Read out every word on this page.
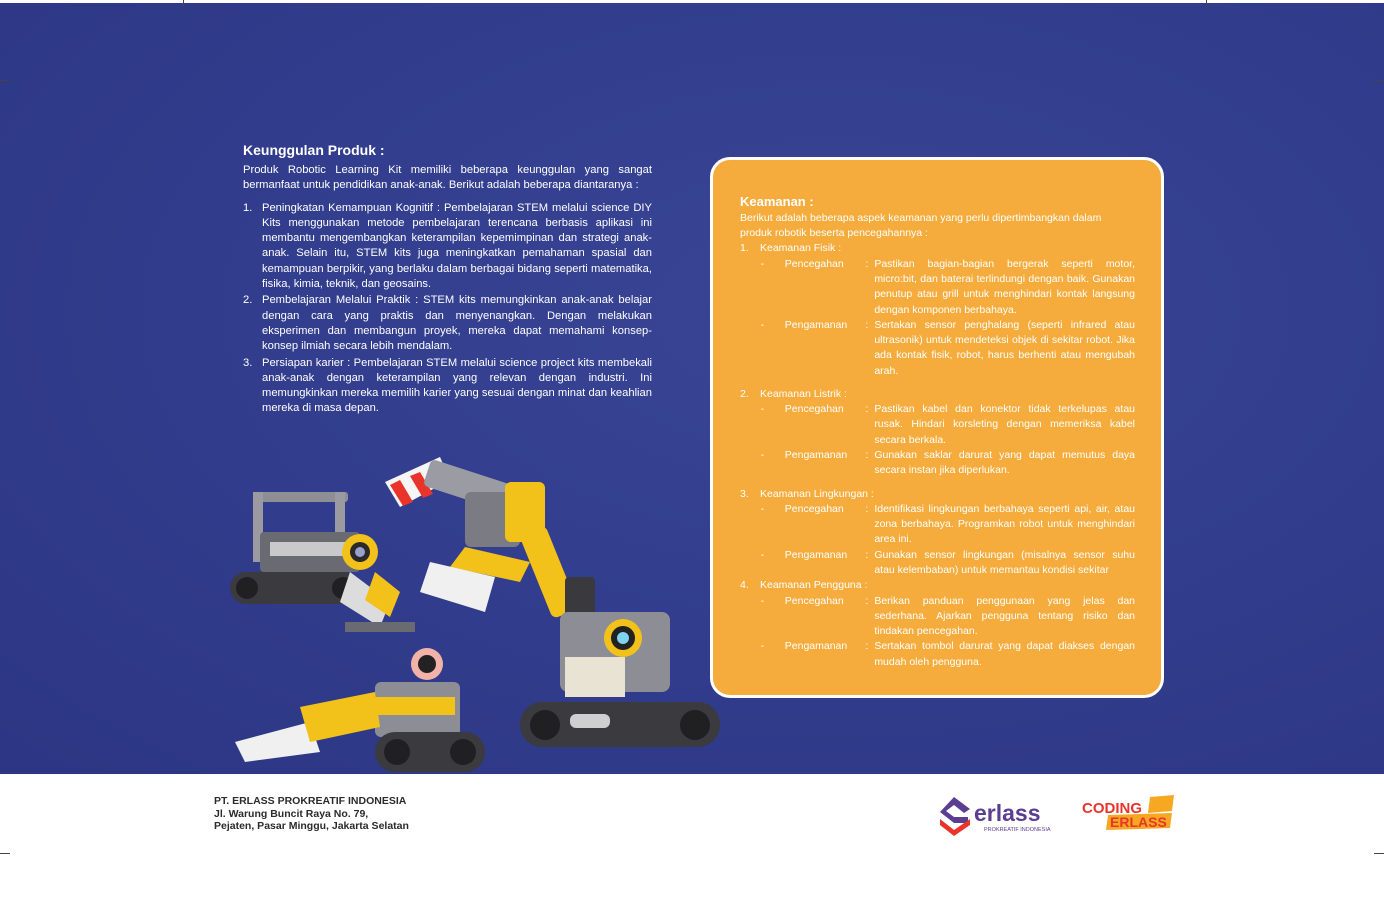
Keunggulan Produk :
Produk Robotic Learning Kit memiliki beberapa keunggulan yang sangat bermanfaat untuk pendidikan anak-anak. Berikut adalah beberapa diantaranya :
1. Peningkatan Kemampuan Kognitif : Pembelajaran STEM melalui science DIY Kits menggunakan metode pembelajaran terencana berbasis aplikasi ini membantu mengembangkan keterampilan kepemimpinan dan strategi anak-anak. Selain itu, STEM kits juga meningkatkan pemahaman spasial dan kemampuan berpikir, yang berlaku dalam berbagai bidang seperti matematika, fisika, kimia, teknik, dan geosains.
2. Pembelajaran Melalui Praktik : STEM kits memungkinkan anak-anak belajar dengan cara yang praktis dan menyenangkan. Dengan melakukan eksperimen dan membangun proyek, mereka dapat memahami konsep-konsep ilmiah secara lebih mendalam.
3. Persiapan karier : Pembelajaran STEM melalui science project kits membekali anak-anak dengan keterampilan yang relevan dengan industri. Ini memungkinkan mereka memilih karier yang sesuai dengan minat dan keahlian mereka di masa depan.
Keamanan :
Berikut adalah beberapa aspek keamanan yang perlu dipertimbangkan dalam produk robotik beserta pencegahannya :
1.	Keamanan Fisik :
-	Pencegahan	: Pastikan bagian-bagian bergerak seperti motor, micro:bit, dan baterai terlindungi dengan baik. Gunakan penutup atau grill untuk menghindari kontak langsung dengan komponen berbahaya.
-	Pengamanan	: Sertakan sensor penghalang (seperti infrared atau ultrasonik) untuk mendeteksi objek di sekitar robot. Jika ada kontak fisik, robot, harus berhenti atau mengubah arah.
2.	Keamanan Listrik :
-	Pencegahan	: Pastikan kabel dan konektor tidak terkelupas atau rusak. Hindari korsleting dengan memeriksa kabel secara berkala.
-	Pengamanan	: Gunakan saklar darurat yang dapat memutus daya secara instan jika diperlukan.
3.	Keamanan Lingkungan :
-	Pencegahan	: Identifikasi lingkungan berbahaya seperti api, air, atau zona berbahaya. Programkan robot untuk menghindari area ini.
-	Pengamanan	: Gunakan sensor lingkungan (misalnya sensor suhu atau kelembaban) untuk memantau kondisi sekitar
4.	Keamanan Pengguna :
-	Pencegahan	: Berikan panduan penggunaan yang jelas dan sederhana. Ajarkan pengguna tentang risiko dan tindakan pencegahan.
-	Pengamanan	: Sertakan tombol darurat yang dapat diakses dengan mudah oleh pengguna.
PT. ERLASS PROKREATIF INDONESIA
Jl. Warung Buncit Raya No. 79,
Pejaten, Pasar Minggu, Jakarta Selatan
erlass
PROKREATIF INDONESIA
CODING
ERLASS
